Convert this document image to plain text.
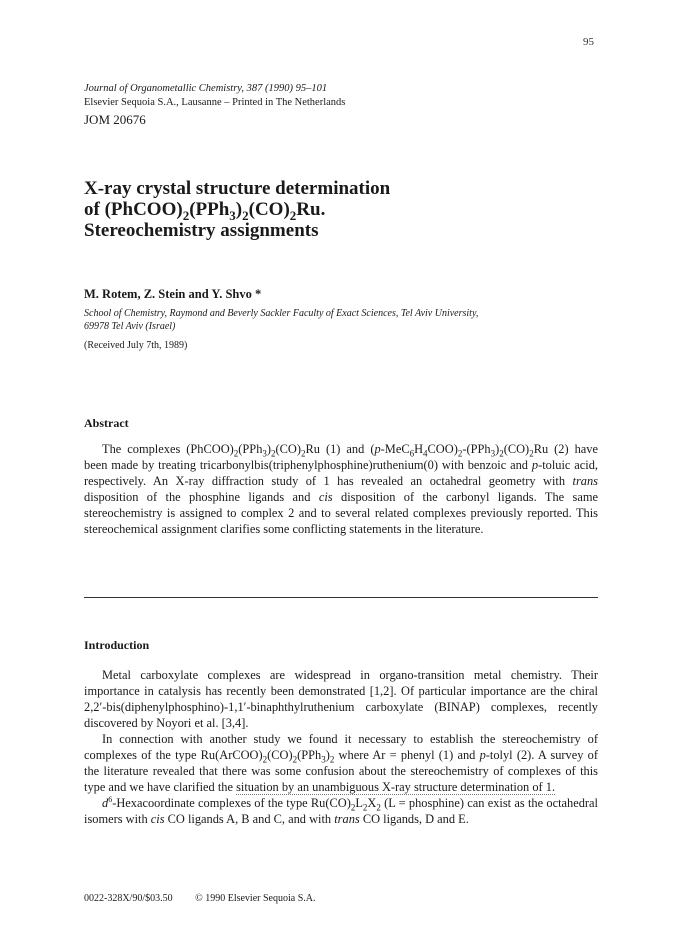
95
Journal of Organometallic Chemistry, 387 (1990) 95–101
Elsevier Sequoia S.A., Lausanne – Printed in The Netherlands
JOM 20676
X-ray crystal structure determination
of $(PhCOO)_2(PPh_3)_2(CO)_2Ru$.
Stereochemistry assignments
M. Rotem, Z. Stein and Y. Shvo *
School of Chemistry, Raymond and Beverly Sackler Faculty of Exact Sciences, Tel Aviv University,
69978 Tel Aviv (Israel)
(Received July 7th, 1989)
Abstract

The complexes $(PhCOO)_2(PPh_3)_2(CO)_2Ru$ (1) and $(p-MeC_6H_4COO)_2-(PPh_3)_2(CO)_2Ru$ (2) have been made by treating tricarbonylbis(triphenylphosphine)ruthenium(0) with benzoic and p-toluic acid, respectively. An X-ray diffraction study of 1 has revealed an octahedral geometry with trans disposition of the phosphine ligands and cis disposition of the carbonyl ligands. The same stereochemistry is assigned to complex 2 and to several related complexes previously reported. This stereochemical assignment clarifies some conflicting statements in the literature.

Introduction

Metal carboxylate complexes are widespread in organo-transition metal chemistry. Their importance in catalysis has recently been demonstrated [1,2]. Of particular importance are the chiral 2,2′-bis(diphenylphosphino)-1,1′-binaphthylruthenium carboxylate (BINAP) complexes, recently discovered by Noyori et al. [3,4].

In connection with another study we found it necessary to establish the stereochemistry of complexes of the type $Ru(ArCOO)_2(CO)_2(PPh_3)_2$ where Ar = phenyl (1) and p-tolyl (2). A survey of the literature revealed that there was some confusion about the stereochemistry of complexes of this type and we have clarified the situation by an unambiguous X-ray structure determination of 1.

$d^6$-Hexacoordinate complexes of the type $Ru(CO)_2L_2X_2$ (L = phosphine) can exist as the octahedral isomers with cis CO ligands A, B and C, and with trans CO ligands, D and E.

0022-328X/90/$03.50 © 1990 Elsevier Sequoia S.A.
